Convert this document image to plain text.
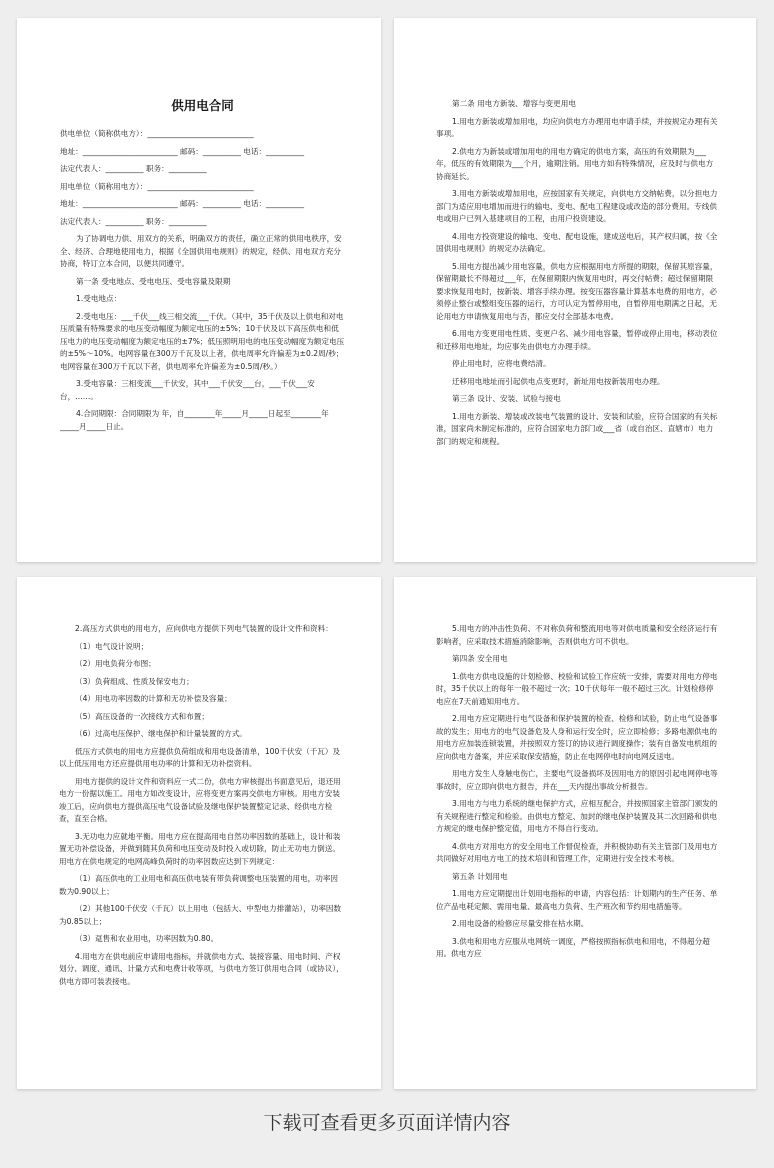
供用电合同
供电单位（简称供电方）：____________________________
地址：_________________________ 邮码：__________ 电话：__________
法定代表人：__________ 职务：__________
用电单位（简称用电方）：____________________________
地址：_________________________ 邮码：__________ 电话：__________
法定代表人：__________ 职务：__________
为了协调电力供、用双方的关系，明确双方的责任，确立正常的供用电秩序，安全、经济、合理地使用电力，根据《全国供用电规则》的规定，经供、用电双方充分协商，特订立本合同，以便共同遵守。
第一条 受电地点、受电电压、受电容量及限期
1.受电地点：
2.受电电压：___千伏___线三相交流___千伏。（其中，35千伏及以上供电和对电压质量有特殊要求的电压变动幅度为额定电压的±5%；10千伏及以下高压供电和低压电力的电压变动幅度为额定电压的±7%；低压照明用电的电压变动幅度为额定电压的±5%～10%。电网容量在300万千瓦及以上者，供电周率允许偏差为±0.2周/秒；电网容量在300万千瓦以下者，供电周率允许偏差为±0.5周/秒。）
3.受电容量：三相变流___千伏安，其中___千伏安___台，___千伏___安台，……。
4.合同期限：合同期限为 年，自________年_____月_____日起至________年_____月_____日止。
第二条 用电方新装、增容与变更用电
1.用电方新装或增加用电，均应向供电方办理用电申请手续，并按规定办理有关事项。
2.供电方为新装或增加用电的用电方确定的供电方案，高压的有效期限为___年，低压的有效期限为___个月，逾期注销。用电方如有特殊情况，应及时与供电方协商延长。
3.用电方新装或增加用电，应按国家有关规定，向供电方交纳帖费，以分担电力部门为适应用电增加而进行的输电、变电、配电工程建设或改造的部分费用。专线供电或用户已列入基建项目的工程，由用户投资建设。
4.用电方投资建设的输电、变电、配电设施，建成送电后，其产权归属，按《全国供用电规则》的规定办法确定。
5.用电方提出减少用电容量，供电方应根据用电方所提的期限，保留其原容量，保留期最长不得超过___年，在保留期限内恢复用电时，再交付帖费；超过保留期限要求恢复用电时，按新装、增容手续办理。按变压器容量计算基本电费的用电方，必须停止整台或整组变压器的运行，方可认定为暂停用电，自暂停用电期满之日起，无论用电方申请恢复用电与否，都应交付全部基本电费。
6.用电方变更用电性质、变更户名、减少用电容量，暂停或停止用电，移动表位和迁移用电地址，均应事先由供电方办理手续。
停止用电时，应将电费结清。
迁移用电地址而引起供电点变更时，新址用电按新装用电办理。
第三条 设计、安装、试验与接电
1.用电方新装、增装或改装电气装置的设计、安装和试验，应符合国家的有关标准，国家尚未制定标准的，应符合国家电力部门或___省（或自治区、直辖市）电力部门的规定和规程。
2.高压方式供电的用电方，应向供电方提供下列电气装置的设计文件和资料：
（1）电气设计说明；
（2）用电负荷分布图；
（3）负荷组成、性质及保安电力；
（4）用电功率因数的计算和无功补偿及容量；
（5）高压设备的一次接线方式和布置；
（6）过高电压保护、继电保护和计量装置的方式。
低压方式供电的用电方应提供负荷组成和用电设备清单，100千伏安（千瓦）及以上低压用电方还应提供用电功率的计算和无功补偿资料。
用电方提供的设计文件和资料应一式二份，供电方审核提出书面意见后，退还用电方一份据以施工。用电方如改变设计，应将变更方案再交供电方审核。用电方安装竣工后，应向供电方提供高压电气设备试验及继电保护装置整定记录、经供电方检查，直至合格。
3.无功电力应就地平衡。用电方应在提高用电自然功率因数的基础上，设计和装置无功补偿设备，并做到随其负荷和电压变动及时投入或切除，防止无功电力倒送。用电方在供电规定的电网高峰负荷时的功率因数应达到下列规定：
（1）高压供电的工业用电和高压供电装有带负荷调整电压装置的用电，功率因数为0.90以上；
（2）其他100千伏安（千瓦）以上用电（包括大、中型电力排灌站），功率因数为0.85以上；
（3）趸售和农业用电，功率因数为0.80。
4.用电方在供电前应申请用电指标，并就供电方式、装接容量、用电时间、产权划分、调度、通讯、计量方式和电费计收等项，与供电方签订供用电合同（或协议），供电方即可装表接电。
5.用电方的冲击性负荷、不对称负荷和整流用电等对供电质量和安全经济运行有影响者，应采取技术措施消除影响，否则供电方可不供电。
第四条 安全用电
1.供电方供电设施的计划检修、校验和试验工作应统一安排，需要对用电方停电时，35千伏以上的每年一般不超过一次；10千伏每年一般不超过三次。计划检修停电应在7天前通知用电方。
2.用电方应定期进行电气设备和保护装置的检查、检修和试验，防止电气设备事故的发生；用电方的电气设备危及人身和运行安全时，应立即检修；多路电源供电的用电方应加装连锁装置，并按照双方签订的协议进行调度操作；装有自备发电机组的应向供电方备案，并应采取保安措施，防止在电网停电时向电网反送电。
用电方发生人身触电伤亡，主要电气设备损坏及因用电方的原因引起电网停电等事故时，应立即向供电方报告，并在___天内提出事故分析报告。
3.用电方与电力系统的继电保护方式，应相互配合，并按照国家主管部门颁发的有关规程进行整定和检验。由供电方整定、加封的继电保护装置及其二次回路和供电方规定的继电保护整定值，用电方不得自行变动。
4.供电方对用电方的安全用电工作督促检查，并积极协助有关主管部门及用电方共同做好对用电方电工的技术培训和管理工作，定期进行安全技术考核。
第五条 计划用电
1.用电方应定期提出计划用电指标的申请，内容包括：计划期内的生产任务、单位产品电耗定额、需用电量、最高电力负荷、生产班次和节约用电措施等。
2.用电设备的检修应尽量安排在枯水期。
3.供电和用电方应服从电网统一调度，严格按照指标供电和用电，不得超分超用。供电方应
下载可查看更多页面详情内容
